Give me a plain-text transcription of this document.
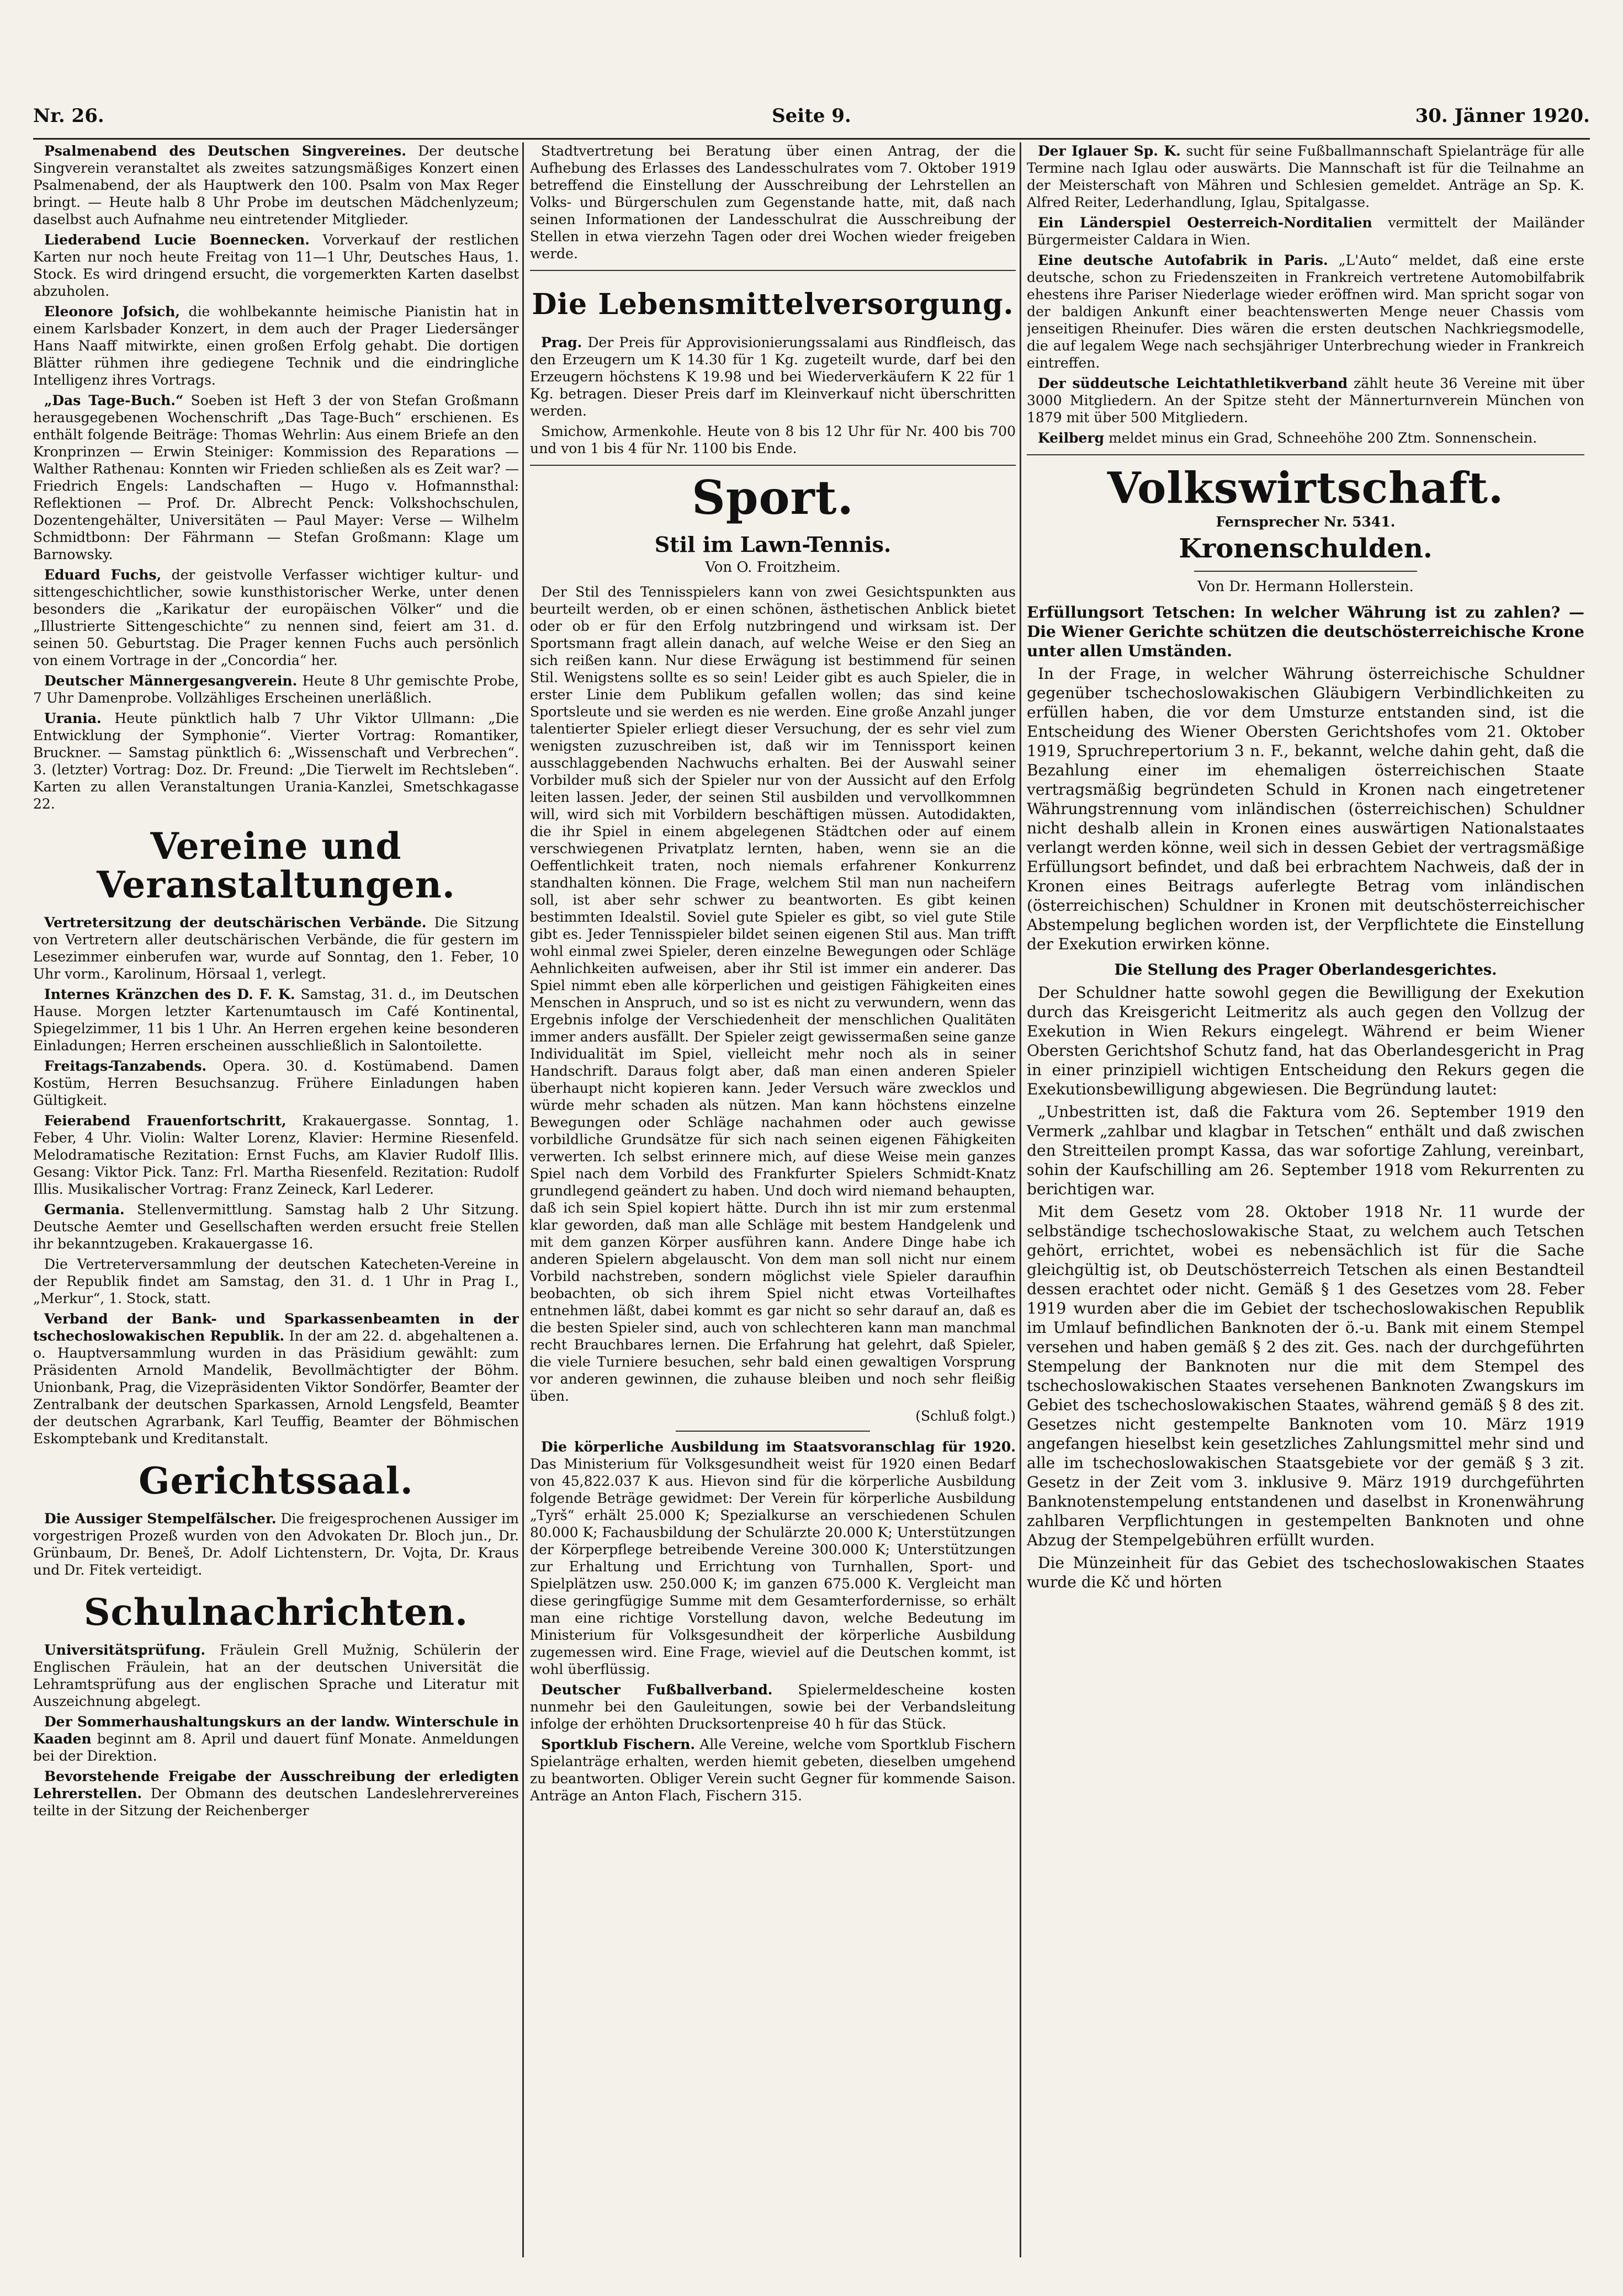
Nr. 26.	Seite 9.	30. Jänner 1920.

Psalmenabend des Deutschen Singvereines. Der deutsche Singverein veranstaltet als zweites satzungsmäßiges Konzert einen Psalmenabend, der als Hauptwerk den 100. Psalm von Max Reger bringt. — Heute halb 8 Uhr Probe im deutschen Mädchenlyzeum; daselbst auch Aufnahme neu eintretender Mitglieder.

Liederabend Lucie Boennecken. Vorverkauf der restlichen Karten nur noch heute Freitag von 11—1 Uhr, Deutsches Haus, 1. Stock. Es wird dringend ersucht, die vorgemerkten Karten daselbst abzuholen.

Eleonore Jofsich, die wohlbekannte heimische Pianistin hat in einem Karlsbader Konzert, in dem auch der Prager Liedersänger Hans Naaff mitwirkte, einen großen Erfolg gehabt. Die dortigen Blätter rühmen ihre gediegene Technik und die eindringliche Intelligenz ihres Vortrags.

„Das Tage-Buch.“ Soeben ist Heft 3 der von Stefan Großmann herausgegebenen Wochenschrift „Das Tage-Buch“ erschienen. Es enthält folgende Beiträge: Thomas Wehrlin: Aus einem Briefe an den Kronprinzen — Erwin Steiniger: Kommission des Reparations — Walther Rathenau: Konnten wir Frieden schließen als es Zeit war? — Friedrich Engels: Landschaften — Hugo v. Hofmannsthal: Reflektionen — Prof. Dr. Albrecht Penck: Volkshochschulen, Dozentengehälter, Universitäten — Paul Mayer: Verse — Wilhelm Schmidtbonn: Der Fährmann — Stefan Großmann: Klage um Barnowsky.

Eduard Fuchs, der geistvolle Verfasser wichtiger kultur- und sittengeschichtlicher, sowie kunsthistorischer Werke, unter denen besonders die „Karikatur der europäischen Völker“ und die „Illustrierte Sittengeschichte“ zu nennen sind, feiert am 31. d. seinen 50. Geburtstag. Die Prager kennen Fuchs auch persönlich von einem Vortrage in der „Concordia“ her.

Deutscher Männergesangverein. Heute 8 Uhr gemischte Probe, 7 Uhr Damenprobe. Vollzähliges Erscheinen unerläßlich.

Urania. Heute pünktlich halb 7 Uhr Viktor Ullmann: „Die Entwicklung der Symphonie“. Vierter Vortrag: Romantiker, Bruckner. — Samstag pünktlich 6: „Wissenschaft und Verbrechen“. 3. (letzter) Vortrag: Doz. Dr. Freund: „Die Tierwelt im Rechtsleben“. Karten zu allen Veranstaltungen Urania-Kanzlei, Smetschkagasse 22.

Vereine und Veranstaltungen.

Vertretersitzung der deutschärischen Verbände. Die Sitzung von Vertretern aller deutschärischen Verbände, die für gestern im Lesezimmer einberufen war, wurde auf Sonntag, den 1. Feber, 10 Uhr vorm., Karolinum, Hörsaal 1, verlegt.

Internes Kränzchen des D. F. K. Samstag, 31. d., im Deutschen Hause. Morgen letzter Kartenumtausch im Café Kontinental, Spiegelzimmer, 11 bis 1 Uhr. An Herren ergehen keine besonderen Einladungen; Herren erscheinen ausschließlich in Salontoilette.

Freitags-Tanzabends. Opera. 30. d. Kostümabend. Damen Kostüm, Herren Besuchsanzug. Frühere Einladungen haben Gültigkeit.

Feierabend Frauenfortschritt, Krakauergasse. Sonntag, 1. Feber, 4 Uhr. Violin: Walter Lorenz, Klavier: Hermine Riesenfeld. Melodramatische Rezitation: Ernst Fuchs, am Klavier Rudolf Illis. Gesang: Viktor Pick. Tanz: Frl. Martha Riesenfeld. Rezitation: Rudolf Illis. Musikalischer Vortrag: Franz Zeineck, Karl Lederer.

Germania. Stellenvermittlung. Samstag halb 2 Uhr Sitzung. Deutsche Aemter und Gesellschaften werden ersucht freie Stellen ihr bekanntzugeben. Krakauergasse 16.

Die Vertreterversammlung der deutschen Katecheten-Vereine in der Republik findet am Samstag, den 31. d. 1 Uhr in Prag I., „Merkur“, 1. Stock, statt.

Verband der Bank- und Sparkassenbeamten in der tschechoslowakischen Republik. In der am 22. d. abgehaltenen a. o. Hauptversammlung wurden in das Präsidium gewählt: zum Präsidenten Arnold Mandelik, Bevollmächtigter der Böhm. Unionbank, Prag, die Vizepräsidenten Viktor Sondörfer, Beamter der Zentralbank der deutschen Sparkassen, Arnold Lengsfeld, Beamter der deutschen Agrarbank, Karl Teuffig, Beamter der Böhmischen Eskomptebank und Kreditanstalt.

Gerichtssaal.

Die Aussiger Stempelfälscher. Die freigesprochenen Aussiger im vorgestrigen Prozeß wurden von den Advokaten Dr. Bloch jun., Dr. Grünbaum, Dr. Beneš, Dr. Adolf Lichtenstern, Dr. Vojta, Dr. Kraus und Dr. Fitek verteidigt.

Schulnachrichten.

Universitätsprüfung. Fräulein Grell Mužnig, Schülerin der Englischen Fräulein, hat an der deutschen Universität die Lehramtsprüfung aus der englischen Sprache und Literatur mit Auszeichnung abgelegt.

Der Sommerhaushaltungskurs an der landw. Winterschule in Kaaden beginnt am 8. April und dauert fünf Monate. Anmeldungen bei der Direktion.

Bevorstehende Freigabe der Ausschreibung der erledigten Lehrerstellen. Der Obmann des deutschen Landeslehrervereines teilte in der Sitzung der Reichenberger

Stadtvertretung bei Beratung über einen Antrag, der die Aufhebung des Erlasses des Landesschulrates vom 7. Oktober 1919 betreffend die Einstellung der Ausschreibung der Lehrstellen an Volks- und Bürgerschulen zum Gegenstande hatte, mit, daß nach seinen Informationen der Landesschulrat die Ausschreibung der Stellen in etwa vierzehn Tagen oder drei Wochen wieder freigeben werde.

Die Lebensmittelversorgung.

Prag. Der Preis für Approvisionierungssalami aus Rindfleisch, das den Erzeugern um K 14.30 für 1 Kg. zugeteilt wurde, darf bei den Erzeugern höchstens K 19.98 und bei Wiederverkäufern K 22 für 1 Kg. betragen. Dieser Preis darf im Kleinverkauf nicht überschritten werden.

Smichow, Armenkohle. Heute von 8 bis 12 Uhr für Nr. 400 bis 700 und von 1 bis 4 für Nr. 1100 bis Ende.

Sport.
Stil im Lawn-Tennis.
Von O. Froitzheim.

Der Stil des Tennisspielers kann von zwei Gesichtspunkten aus beurteilt werden, ob er einen schönen, ästhetischen Anblick bietet oder ob er für den Erfolg nutzbringend und wirksam ist. Der Sportsmann fragt allein danach, auf welche Weise er den Sieg an sich reißen kann. Nur diese Erwägung ist bestimmend für seinen Stil. Wenigstens sollte es so sein! Leider gibt es auch Spieler, die in erster Linie dem Publikum gefallen wollen; das sind keine Sportsleute und sie werden es nie werden. Eine große Anzahl junger talentierter Spieler erliegt dieser Versuchung, der es sehr viel zum wenigsten zuzuschreiben ist, daß wir im Tennissport keinen ausschlaggebenden Nachwuchs erhalten. Bei der Auswahl seiner Vorbilder muß sich der Spieler nur von der Aussicht auf den Erfolg leiten lassen. Jeder, der seinen Stil ausbilden und vervollkommnen will, wird sich mit Vorbildern beschäftigen müssen. Autodidakten, die ihr Spiel in einem abgelegenen Städtchen oder auf einem verschwiegenen Privatplatz lernten, haben, wenn sie an die Oeffentlichkeit traten, noch niemals erfahrener Konkurrenz standhalten können. Die Frage, welchem Stil man nun nacheifern soll, ist aber sehr schwer zu beantworten. Es gibt keinen bestimmten Idealstil. Soviel gute Spieler es gibt, so viel gute Stile gibt es. Jeder Tennisspieler bildet seinen eigenen Stil aus. Man trifft wohl einmal zwei Spieler, deren einzelne Bewegungen oder Schläge Aehnlichkeiten aufweisen, aber ihr Stil ist immer ein anderer. Das Spiel nimmt eben alle körperlichen und geistigen Fähigkeiten eines Menschen in Anspruch, und so ist es nicht zu verwundern, wenn das Ergebnis infolge der Verschiedenheit der menschlichen Qualitäten immer anders ausfällt. Der Spieler zeigt gewissermaßen seine ganze Individualität im Spiel, vielleicht mehr noch als in seiner Handschrift. Daraus folgt aber, daß man einen anderen Spieler überhaupt nicht kopieren kann. Jeder Versuch wäre zwecklos und würde mehr schaden als nützen. Man kann höchstens einzelne Bewegungen oder Schläge nachahmen oder auch gewisse vorbildliche Grundsätze für sich nach seinen eigenen Fähigkeiten verwerten. Ich selbst erinnere mich, auf diese Weise mein ganzes Spiel nach dem Vorbild des Frankfurter Spielers Schmidt-Knatz grundlegend geändert zu haben. Und doch wird niemand behaupten, daß ich sein Spiel kopiert hätte. Durch ihn ist mir zum erstenmal klar geworden, daß man alle Schläge mit bestem Handgelenk und mit dem ganzen Körper ausführen kann. Andere Dinge habe ich anderen Spielern abgelauscht. Von dem man soll nicht nur einem Vorbild nachstreben, sondern möglichst viele Spieler daraufhin beobachten, ob sich ihrem Spiel nicht etwas Vorteilhaftes entnehmen läßt, dabei kommt es gar nicht so sehr darauf an, daß es die besten Spieler sind, auch von schlechteren kann man manchmal recht Brauchbares lernen. Die Erfahrung hat gelehrt, daß Spieler, die viele Turniere besuchen, sehr bald einen gewaltigen Vorsprung vor anderen gewinnen, die zuhause bleiben und noch sehr fleißig üben.

(Schluß folgt.)

Die körperliche Ausbildung im Staatsvoranschlag für 1920. Das Ministerium für Volksgesundheit weist für 1920 einen Bedarf von 45,822.037 K aus. Hievon sind für die körperliche Ausbildung folgende Beträge gewidmet: Der Verein für körperliche Ausbildung „Tyrš“ erhält 25.000 K; Spezialkurse an verschiedenen Schulen 80.000 K; Fachausbildung der Schulärzte 20.000 K; Unterstützungen der Körperpflege betreibende Vereine 300.000 K; Unterstützungen zur Erhaltung und Errichtung von Turnhallen, Sport- und Spielplätzen usw. 250.000 K; im ganzen 675.000 K. Vergleicht man diese geringfügige Summe mit dem Gesamterfordernisse, so erhält man eine richtige Vorstellung davon, welche Bedeutung im Ministerium für Volksgesundheit der körperliche Ausbildung zugemessen wird. Eine Frage, wieviel auf die Deutschen kommt, ist wohl überflüssig.

Deutscher Fußballverband. Spielermeldescheine kosten nunmehr bei den Gauleitungen, sowie bei der Verbandsleitung infolge der erhöhten Drucksortenpreise 40 h für das Stück.

Sportklub Fischern. Alle Vereine, welche vom Sportklub Fischern Spielanträge erhalten, werden hiemit gebeten, dieselben umgehend zu beantworten. Obliger Verein sucht Gegner für kommende Saison. Anträge an Anton Flach, Fischern 315.

Der Iglauer Sp. K. sucht für seine Fußballmannschaft Spielanträge für alle Termine nach Iglau oder auswärts. Die Mannschaft ist für die Teilnahme an der Meisterschaft von Mähren und Schlesien gemeldet. Anträge an Sp. K. Alfred Reiter, Lederhandlung, Iglau, Spitalgasse.

Ein Länderspiel Oesterreich-Norditalien vermittelt der Mailänder Bürgermeister Caldara in Wien.

Eine deutsche Autofabrik in Paris. „L'Auto“ meldet, daß eine erste deutsche, schon zu Friedenszeiten in Frankreich vertretene Automobilfabrik ehestens ihre Pariser Niederlage wieder eröffnen wird. Man spricht sogar von der baldigen Ankunft einer beachtenswerten Menge neuer Chassis vom jenseitigen Rheinufer. Dies wären die ersten deutschen Nachkriegsmodelle, die auf legalem Wege nach sechsjähriger Unterbrechung wieder in Frankreich eintreffen.

Der süddeutsche Leichtathletikverband zählt heute 36 Vereine mit über 3000 Mitgliedern. An der Spitze steht der Männerturnverein München von 1879 mit über 500 Mitgliedern.

Keilberg meldet minus ein Grad, Schneehöhe 200 Ztm. Sonnenschein.

Volkswirtschaft.
Fernsprecher Nr. 5341.
Kronenschulden.
Von Dr. Hermann Hollerstein.

Erfüllungsort Tetschen: In welcher Währung ist zu zahlen? — Die Wiener Gerichte schützen die deutschösterreichische Krone unter allen Umständen.

In der Frage, in welcher Währung österreichische Schuldner gegenüber tschechoslowakischen Gläubigern Verbindlichkeiten zu erfüllen haben, die vor dem Umsturze entstanden sind, ist die Entscheidung des Wiener Obersten Gerichtshofes vom 21. Oktober 1919, Spruchrepertorium 3 n. F., bekannt, welche dahin geht, daß die Bezahlung einer im ehemaligen österreichischen Staate vertragsmäßig begründeten Schuld in Kronen nach eingetretener Währungstrennung vom inländischen (österreichischen) Schuldner nicht deshalb allein in Kronen eines auswärtigen Nationalstaates verlangt werden könne, weil sich in dessen Gebiet der vertragsmäßige Erfüllungsort befindet, und daß bei erbrachtem Nachweis, daß der in Kronen eines Beitrags auferlegte Betrag vom inländischen (österreichischen) Schuldner in Kronen mit deutschösterreichischer Abstempelung beglichen worden ist, der Verpflichtete die Einstellung der Exekution erwirken könne.

Die Stellung des Prager Oberlandesgerichtes.

Der Schuldner hatte sowohl gegen die Bewilligung der Exekution durch das Kreisgericht Leitmeritz als auch gegen den Vollzug der Exekution in Wien Rekurs eingelegt. Während er beim Wiener Obersten Gerichtshof Schutz fand, hat das Oberlandesgericht in Prag in einer prinzipiell wichtigen Entscheidung den Rekurs gegen die Exekutionsbewilligung abgewiesen. Die Begründung lautet:

„Unbestritten ist, daß die Faktura vom 26. September 1919 den Vermerk „zahlbar und klagbar in Tetschen“ enthält und daß zwischen den Streitteilen prompt Kassa, das war sofortige Zahlung, vereinbart, sohin der Kaufschilling am 26. September 1918 vom Rekurrenten zu berichtigen war.

Mit dem Gesetz vom 28. Oktober 1918 Nr. 11 wurde der selbständige tschechoslowakische Staat, zu welchem auch Tetschen gehört, errichtet, wobei es nebensächlich ist für die Sache gleichgültig ist, ob Deutschösterreich Tetschen als einen Bestandteil dessen erachtet oder nicht. Gemäß § 1 des Gesetzes vom 28. Feber 1919 wurden aber die im Gebiet der tschechoslowakischen Republik im Umlauf befindlichen Banknoten der ö.-u. Bank mit einem Stempel versehen und haben gemäß § 2 des zit. Ges. nach der durchgeführten Stempelung der Banknoten nur die mit dem Stempel des tschechoslowakischen Staates versehenen Banknoten Zwangskurs im Gebiet des tschechoslowakischen Staates, während gemäß § 8 des zit. Gesetzes nicht gestempelte Banknoten vom 10. März 1919 angefangen hieselbst kein gesetzliches Zahlungsmittel mehr sind und alle im tschechoslowakischen Staatsgebiete vor der gemäß § 3 zit. Gesetz in der Zeit vom 3. inklusive 9. März 1919 durchgeführten Banknotenstempelung entstandenen und daselbst in Kronenwährung zahlbaren Verpflichtungen in gestempelten Banknoten und ohne Abzug der Stempelgebühren erfüllt wurden.

Die Münzeinheit für das Gebiet des tschechoslowakischen Staates wurde die Kč und hörten
